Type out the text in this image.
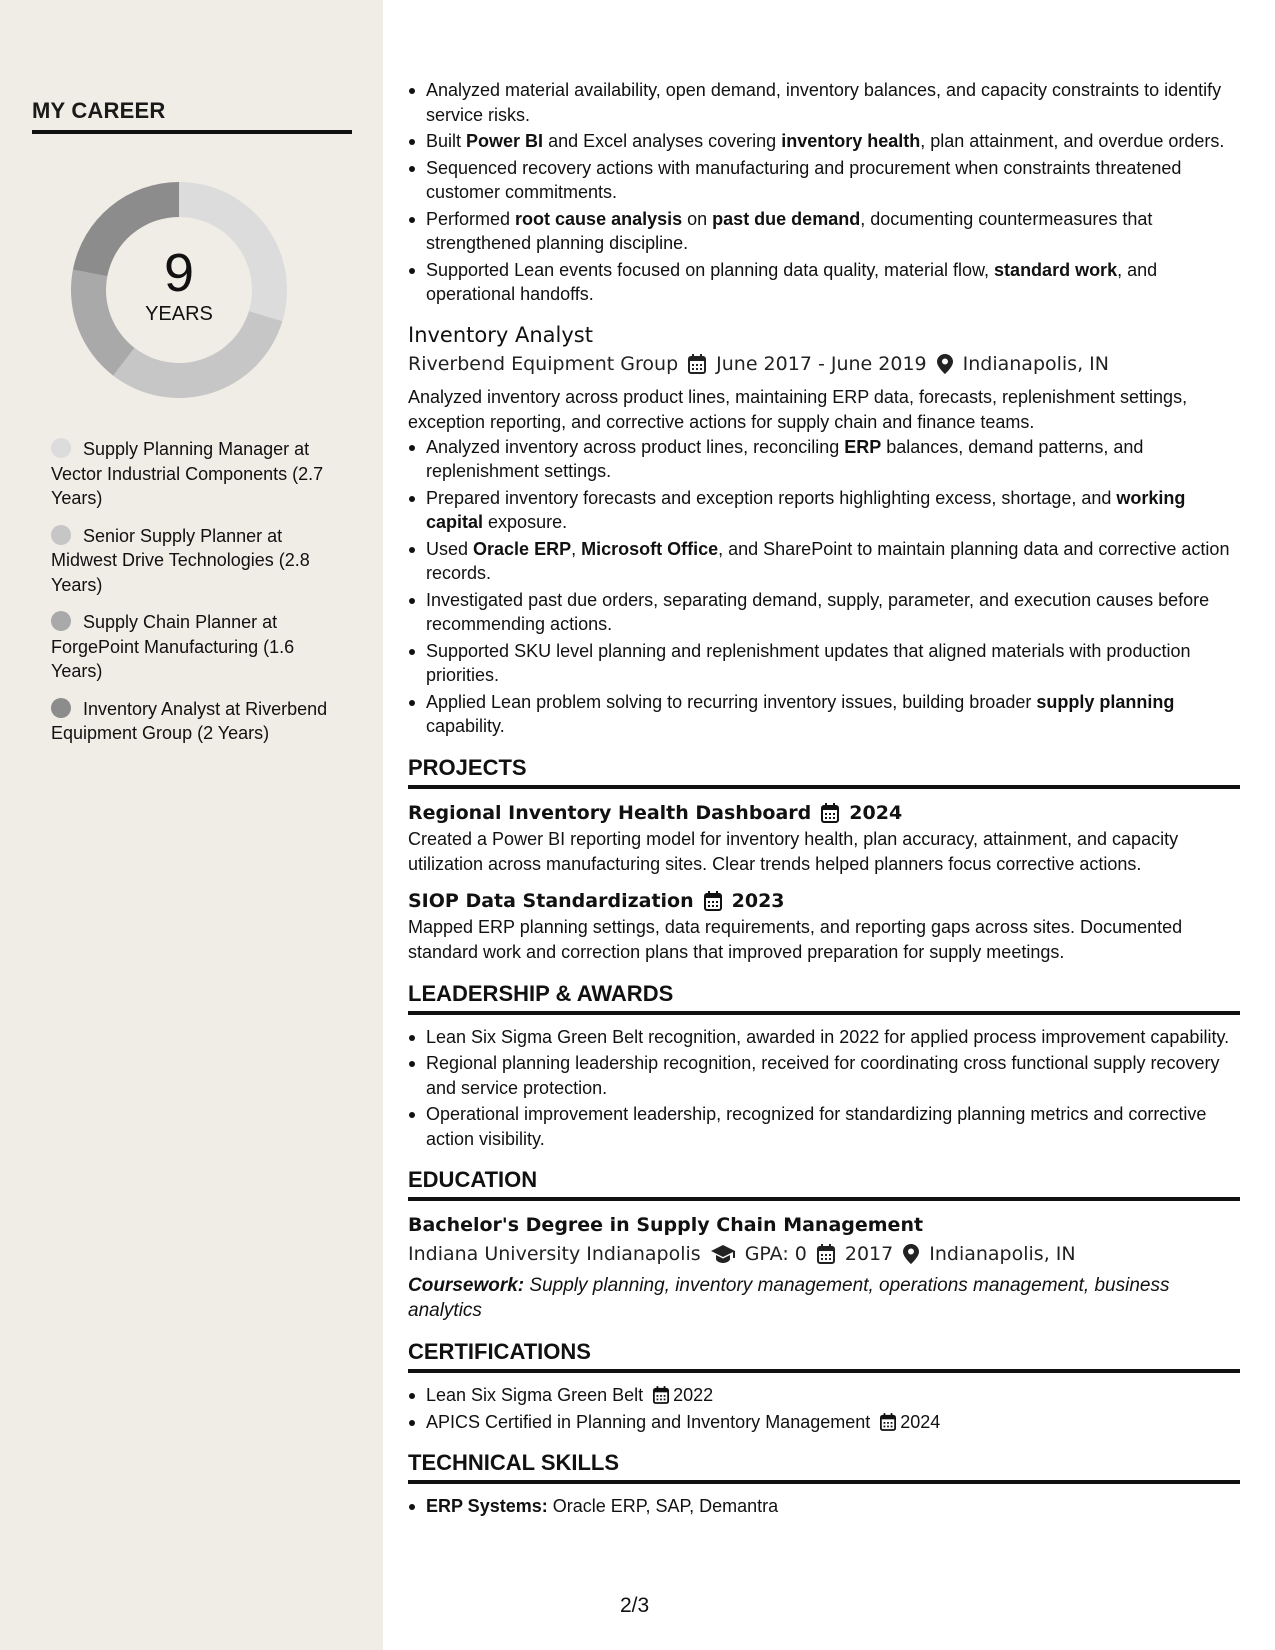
MY CAREER
9
YEARS
Supply Planning Manager at Vector Industrial Components (2.7 Years)
Senior Supply Planner at Midwest Drive Technologies (2.8 Years)
Supply Chain Planner at ForgePoint Manufacturing (1.6 Years)
Inventory Analyst at Riverbend Equipment Group (2 Years)
Analyzed material availability, open demand, inventory balances, and capacity constraints to identify service risks.
Built Power BI and Excel analyses covering inventory health, plan attainment, and overdue orders.
Sequenced recovery actions with manufacturing and procurement when constraints threatened customer commitments.
Performed root cause analysis on past due demand, documenting countermeasures that strengthened planning discipline.
Supported Lean events focused on planning data quality, material flow, standard work, and operational handoffs.
Inventory Analyst
Riverbend Equipment Group June 2017 - June 2019 Indianapolis, IN
Analyzed inventory across product lines, maintaining ERP data, forecasts, replenishment settings, exception reporting, and corrective actions for supply chain and finance teams.
Analyzed inventory across product lines, reconciling ERP balances, demand patterns, and replenishment settings.
Prepared inventory forecasts and exception reports highlighting excess, shortage, and working capital exposure.
Used Oracle ERP, Microsoft Office, and SharePoint to maintain planning data and corrective action records.
Investigated past due orders, separating demand, supply, parameter, and execution causes before recommending actions.
Supported SKU level planning and replenishment updates that aligned materials with production priorities.
Applied Lean problem solving to recurring inventory issues, building broader supply planning capability.
PROJECTS
Regional Inventory Health Dashboard 2024
Created a Power BI reporting model for inventory health, plan accuracy, attainment, and capacity utilization across manufacturing sites. Clear trends helped planners focus corrective actions.
SIOP Data Standardization 2023
Mapped ERP planning settings, data requirements, and reporting gaps across sites. Documented standard work and correction plans that improved preparation for supply meetings.
LEADERSHIP & AWARDS
Lean Six Sigma Green Belt recognition, awarded in 2022 for applied process improvement capability.
Regional planning leadership recognition, received for coordinating cross functional supply recovery and service protection.
Operational improvement leadership, recognized for standardizing planning metrics and corrective action visibility.
EDUCATION
Bachelor's Degree in Supply Chain Management
Indiana University Indianapolis GPA: 0 2017 Indianapolis, IN
Coursework: Supply planning, inventory management, operations management, business analytics
CERTIFICATIONS
Lean Six Sigma Green Belt 2022
APICS Certified in Planning and Inventory Management 2024
TECHNICAL SKILLS
ERP Systems: Oracle ERP, SAP, Demantra
2/3
